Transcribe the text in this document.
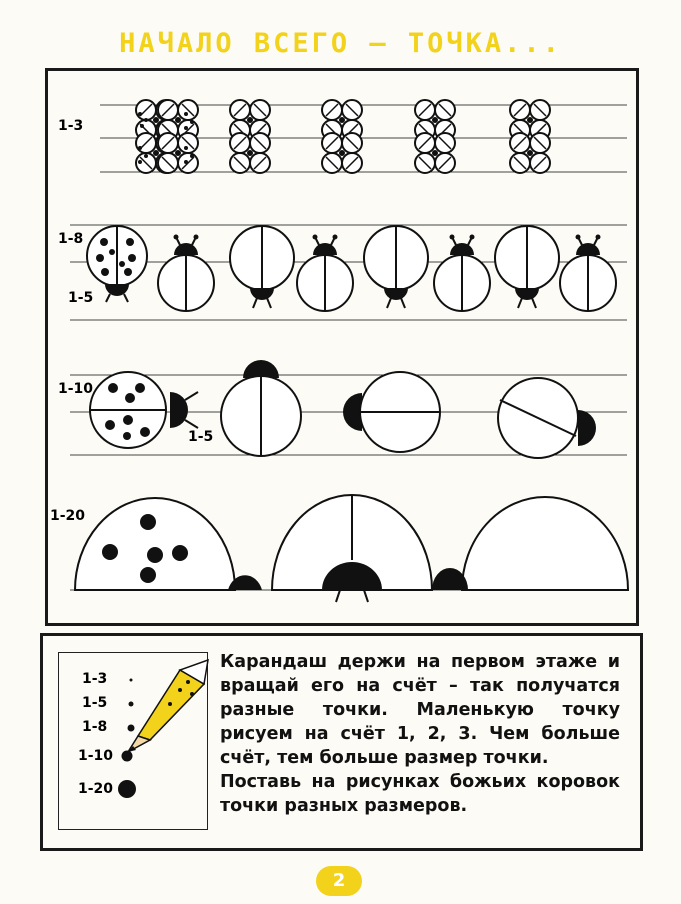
НАЧАЛО ВСЕГО – ТОЧКА...
1-3
1-8
1-5
1-10
1-5
1-20
1-3
1-5
1-8
1-10
1-20

Карандаш держи на первом этаже и вращай его на счёт – так получатся разные точки. Маленькую точку рисуем на счёт 1, 2, 3. Чем больше счёт, тем больше размер точки.

Поставь на рисунках божьих коровок точки разных размеров.

2
